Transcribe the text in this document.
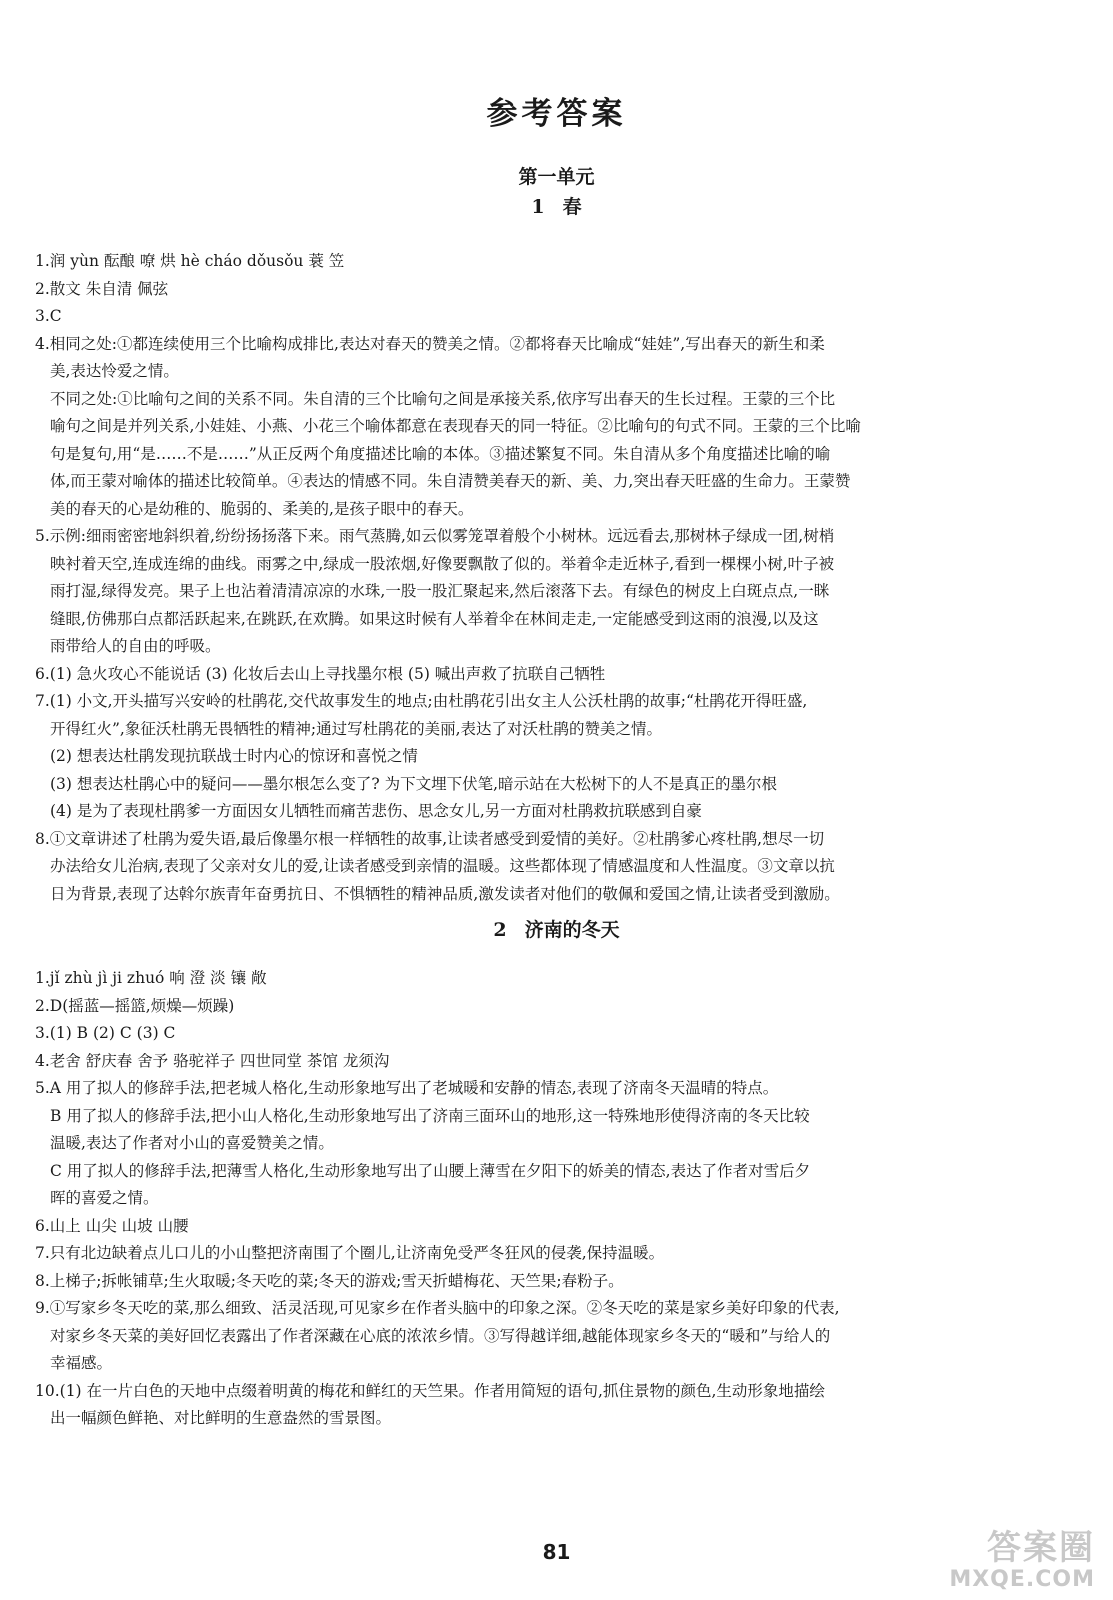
参考答案
第一单元
1 春

1.润 yùn 酝酿 嘹 烘 hè cháo dǒusǒu 蓑 笠

2.散文 朱自清 佩弦

3.C

4.相同之处:①都连续使用三个比喻构成排比,表达对春天的赞美之情。②都将春天比喻成“娃娃”,写出春天的新生和柔

美,表达怜爱之情。

不同之处:①比喻句之间的关系不同。朱自清的三个比喻句之间是承接关系,依序写出春天的生长过程。王蒙的三个比

喻句之间是并列关系,小娃娃、小燕、小花三个喻体都意在表现春天的同一特征。②比喻句的句式不同。王蒙的三个比喻

句是复句,用“是……不是……”从正反两个角度描述比喻的本体。③描述繁复不同。朱自清从多个角度描述比喻的喻

体,而王蒙对喻体的描述比较简单。④表达的情感不同。朱自清赞美春天的新、美、力,突出春天旺盛的生命力。王蒙赞

美的春天的心是幼稚的、脆弱的、柔美的,是孩子眼中的春天。

5.示例:细雨密密地斜织着,纷纷扬扬落下来。雨气蒸腾,如云似雾笼罩着般个小树林。远远看去,那树林子绿成一团,树梢

映衬着天空,连成连绵的曲线。雨雾之中,绿成一股浓烟,好像要飘散了似的。举着伞走近林子,看到一棵棵小树,叶子被

雨打湿,绿得发亮。果子上也沾着清清凉凉的水珠,一股一股汇聚起来,然后滚落下去。有绿色的树皮上白斑点点,一眯

缝眼,仿佛那白点都活跃起来,在跳跃,在欢腾。如果这时候有人举着伞在林间走走,一定能感受到这雨的浪漫,以及这

雨带给人的自由的呼吸。

6.(1) 急火攻心不能说话 (3) 化妆后去山上寻找墨尔根 (5) 喊出声救了抗联自己牺牲

7.(1) 小文,开头描写兴安岭的杜鹃花,交代故事发生的地点;由杜鹃花引出女主人公沃杜鹃的故事;“杜鹃花开得旺盛,

开得红火”,象征沃杜鹃无畏牺牲的精神;通过写杜鹃花的美丽,表达了对沃杜鹃的赞美之情。

(2) 想表达杜鹃发现抗联战士时内心的惊讶和喜悦之情

(3) 想表达杜鹃心中的疑问——墨尔根怎么变了? 为下文埋下伏笔,暗示站在大松树下的人不是真正的墨尔根

(4) 是为了表现杜鹃爹一方面因女儿牺牲而痛苦悲伤、思念女儿,另一方面对杜鹃救抗联感到自豪

8.①文章讲述了杜鹃为爱失语,最后像墨尔根一样牺牲的故事,让读者感受到爱情的美好。②杜鹃爹心疼杜鹃,想尽一切

办法给女儿治病,表现了父亲对女儿的爱,让读者感受到亲情的温暖。这些都体现了情感温度和人性温度。③文章以抗

日为背景,表现了达斡尔族青年奋勇抗日、不惧牺牲的精神品质,激发读者对他们的敬佩和爱国之情,让读者受到激励。

2 济南的冬天

1.jǐ zhù jì ji zhuó 响 澄 淡 镶 敞

2.D(摇蓝—摇篮,烦燥—烦躁)

3.(1) B (2) C (3) C

4.老舍 舒庆春 舍予 骆驼祥子 四世同堂 茶馆 龙须沟

5.A 用了拟人的修辞手法,把老城人格化,生动形象地写出了老城暖和安静的情态,表现了济南冬天温晴的特点。

B 用了拟人的修辞手法,把小山人格化,生动形象地写出了济南三面环山的地形,这一特殊地形使得济南的冬天比较

温暖,表达了作者对小山的喜爱赞美之情。

C 用了拟人的修辞手法,把薄雪人格化,生动形象地写出了山腰上薄雪在夕阳下的娇美的情态,表达了作者对雪后夕

晖的喜爱之情。

6.山上 山尖 山坡 山腰

7.只有北边缺着点儿口儿的小山整把济南围了个圈儿,让济南免受严冬狂风的侵袭,保持温暖。

8.上梯子;拆帐铺草;生火取暖;冬天吃的菜;冬天的游戏;雪天折蜡梅花、天竺果;春粉子。

9.①写家乡冬天吃的菜,那么细致、活灵活现,可见家乡在作者头脑中的印象之深。②冬天吃的菜是家乡美好印象的代表,

对家乡冬天菜的美好回忆表露出了作者深藏在心底的浓浓乡情。③写得越详细,越能体现家乡冬天的“暖和”与给人的

幸福感。

10.(1) 在一片白色的天地中点缀着明黄的梅花和鲜红的天竺果。作者用简短的语句,抓住景物的颜色,生动形象地描绘

出一幅颜色鲜艳、对比鲜明的生意盎然的雪景图。

81	答案圈
MXQE.COM
